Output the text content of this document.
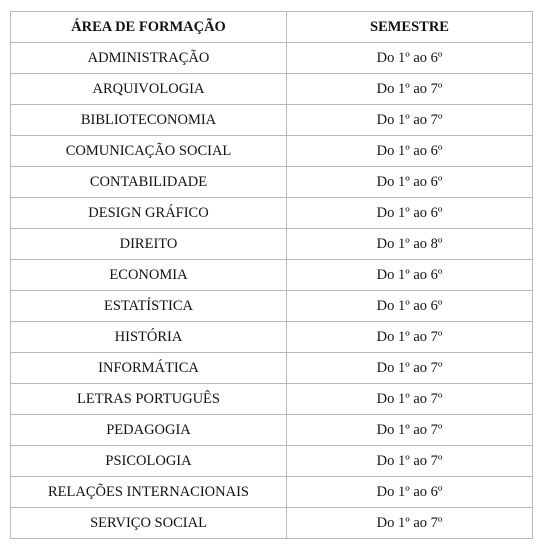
ÁREA DE FORMAÇÃO	SEMESTRE
ADMINISTRAÇÃO	Do 1º ao 6º
ARQUIVOLOGIA	Do 1º ao 7º
BIBLIOTECONOMIA	Do 1º ao 7º
COMUNICAÇÃO SOCIAL	Do 1º ao 6º
CONTABILIDADE	Do 1º ao 6º
DESIGN GRÁFICO	Do 1º ao 6º
DIREITO	Do 1º ao 8º
ECONOMIA	Do 1º ao 6º
ESTATÍSTICA	Do 1º ao 6º
HISTÓRIA	Do 1º ao 7º
INFORMÁTICA	Do 1º ao 7º
LETRAS PORTUGUÊS	Do 1º ao 7º
PEDAGOGIA	Do 1º ao 7º
PSICOLOGIA	Do 1º ao 7º
RELAÇÕES INTERNACIONAIS	Do 1º ao 6º
SERVIÇO SOCIAL	Do 1º ao 7º
